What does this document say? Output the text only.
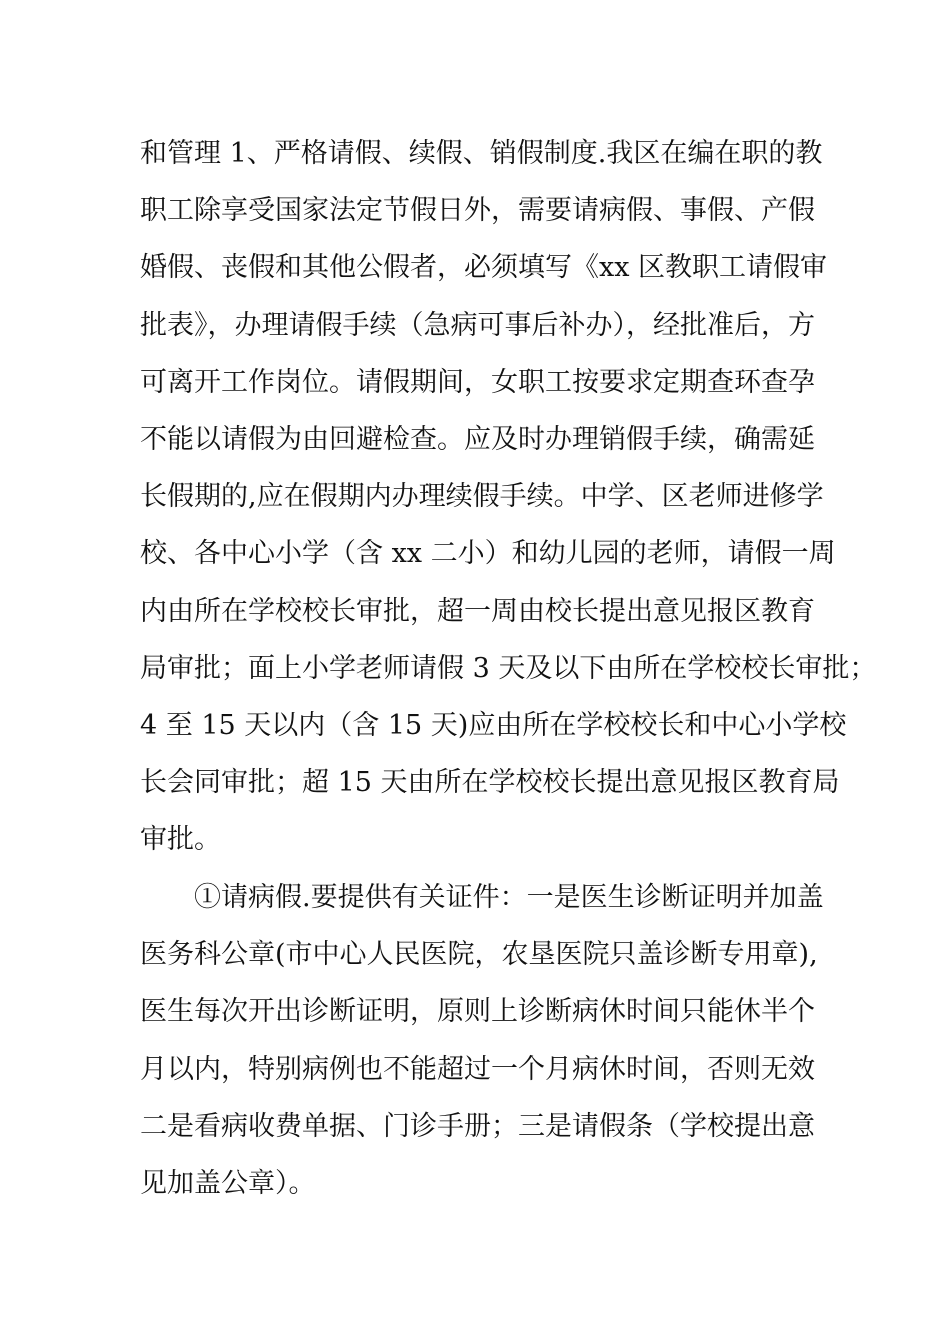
和管理 1、严格请假、续假、销假制度.我区在编在职的教
职工除享受国家法定节假日外，需要请病假、事假、产假
婚假、丧假和其他公假者，必须填写《xx 区教职工请假审
批表》，办理请假手续（急病可事后补办），经批准后，方
可离开工作岗位。请假期间，女职工按要求定期查环查孕
不能以请假为由回避检查。应及时办理销假手续，确需延
长假期的,应在假期内办理续假手续。中学、区老师进修学
校、各中心小学（含 xx 二小）和幼儿园的老师，请假一周
内由所在学校校长审批，超一周由校长提出意见报区教育
局审批；面上小学老师请假 3 天及以下由所在学校校长审批；
4 至 15 天以内（含 15 天)应由所在学校校长和中心小学校
长会同审批；超 15 天由所在学校校长提出意见报区教育局
审批。
①请病假.要提供有关证件：一是医生诊断证明并加盖
医务科公章(市中心人民医院，农垦医院只盖诊断专用章),
医生每次开出诊断证明，原则上诊断病休时间只能休半个
月以内，特别病例也不能超过一个月病休时间，否则无效
二是看病收费单据、门诊手册；三是请假条（学校提出意
见加盖公章）。
